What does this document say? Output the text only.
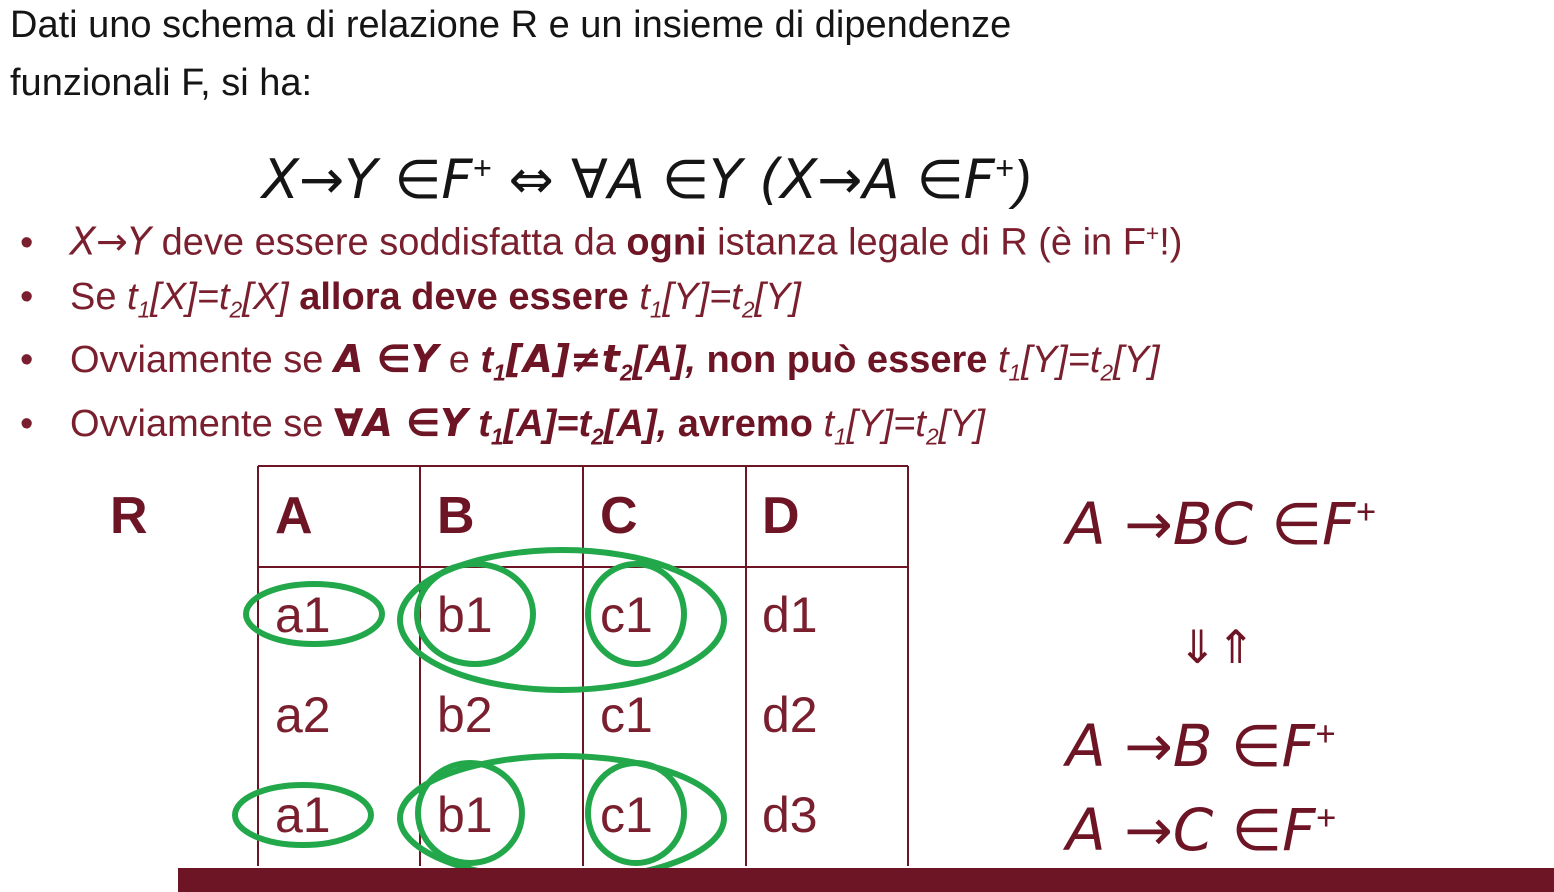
Dati uno schema di relazione R e un insieme di dipendenze
funzionali F, si ha:
X→Y ∈F+ ⇔ ∀A ∈Y (X→A ∈F+)
• X→Y deve essere soddisfatta da ogni istanza legale di R (è in F+!)
• Se $t_1[X]=t_2[X]$ allora deve essere $t_1[Y]=t_2[Y]$
• Ovviamente se A ∈Y e $t_1[A]\ne t_2[A]$, non può essere $t_1[Y]=t_2[Y]$
• Ovviamente se ∀A ∈Y $t_1[A]=t_2[A]$, avremo $t_1[Y]=t_2[Y]$
R A B C D
a1 b1 c1 d1
a2 b2 c1 d2
a1 b1 c1 d3
A →BC ∈F+
⇓⇑
A →B ∈F+
A →C ∈F+
